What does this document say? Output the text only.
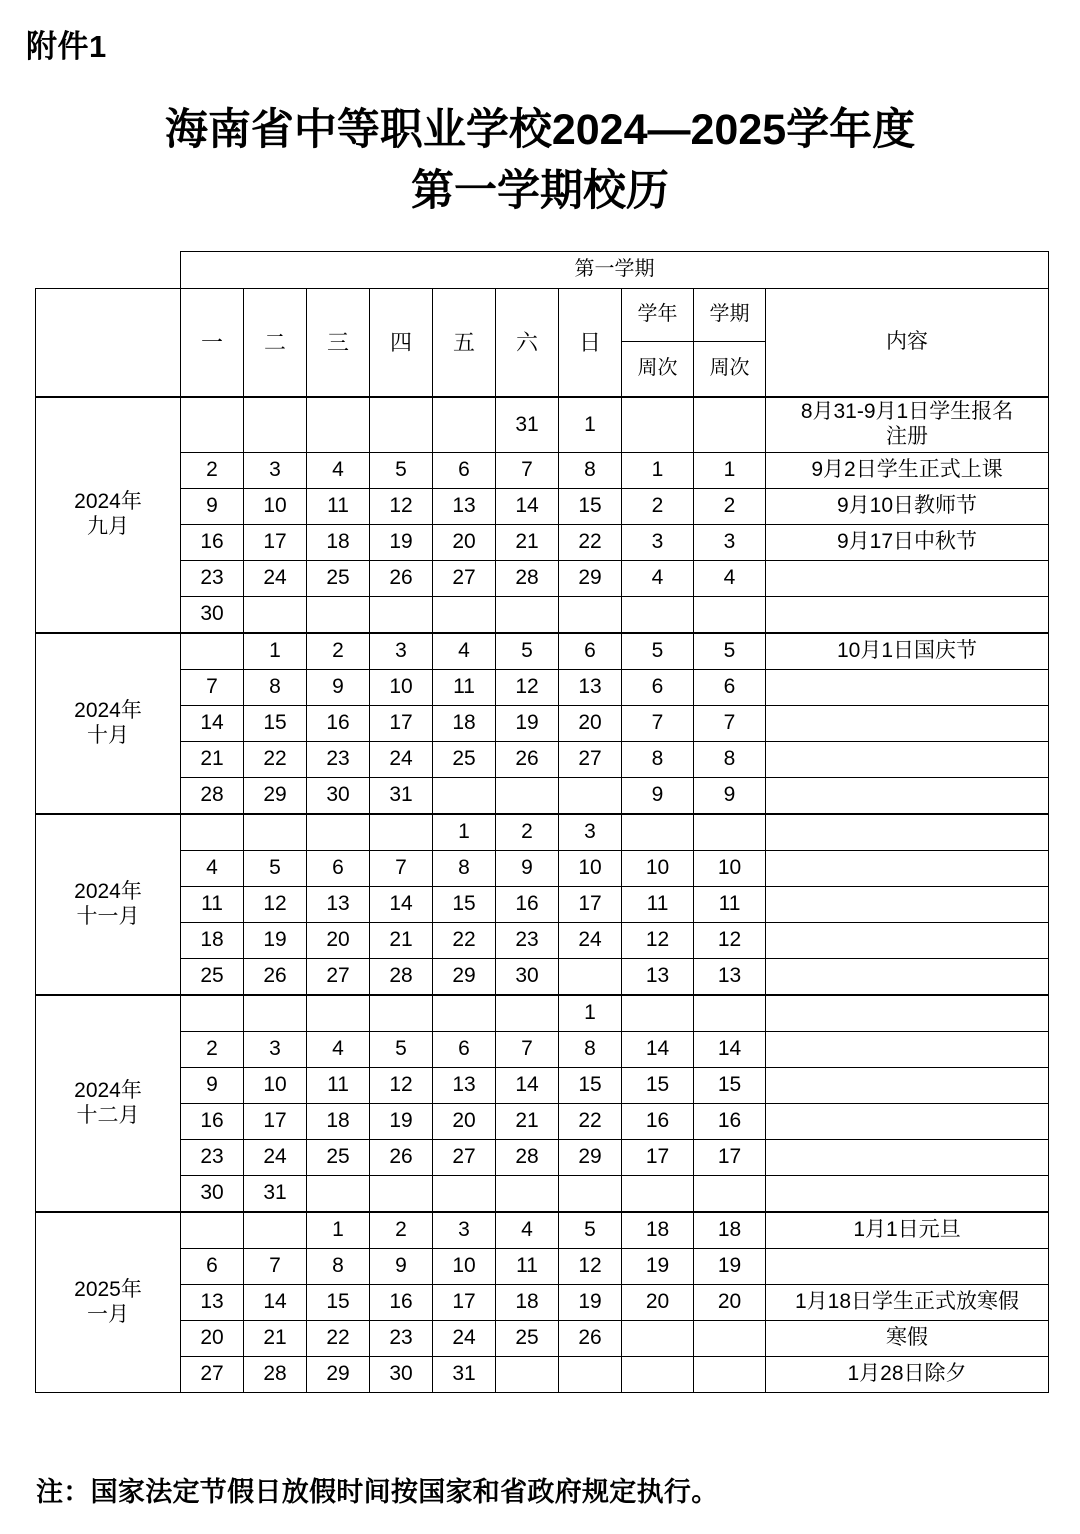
附件1
海南省中等职业学校2024—2025学年度
第一学期校历
	第一学期									
	一	二	三	四	五	六	日	学年	学期	内容
								周次	周次	

2024年
九月						31	1			8月31-9月1日学生报名
注册

	2	3	4	5	6	7	8	1	1	9月2日学生正式上课

	9	10	11	12	13	14	15	2	2	9月10日教师节

	16	17	18	19	20	21	22	3	3	9月17日中秋节

	23	24	25	26	27	28	29	4	4	

	30									

2024年
十月		1	2	3	4	5	6	5	5	10月1日国庆节

	7	8	9	10	11	12	13	6	6	

	14	15	16	17	18	19	20	7	7	

	21	22	23	24	25	26	27	8	8	

	28	29	30	31				9	9	

2024年
十一月					1	2	3			

	4	5	6	7	8	9	10	10	10	

	11	12	13	14	15	16	17	11	11	

	18	19	20	21	22	23	24	12	12	

	25	26	27	28	29	30		13	13	

2024年
十二月							1			

	2	3	4	5	6	7	8	14	14	

	9	10	11	12	13	14	15	15	15	

	16	17	18	19	20	21	22	16	16	

	23	24	25	26	27	28	29	17	17	

	30	31								

2025年
一月			1	2	3	4	5	18	18	1月1日元旦

	6	7	8	9	10	11	12	19	19	

	13	14	15	16	17	18	19	20	20	1月18日学生正式放寒假

	20	21	22	23	24	25	26			寒假

	27	28	29	30	31					1月28日除夕
注：国家法定节假日放假时间按国家和省政府规定执行。
